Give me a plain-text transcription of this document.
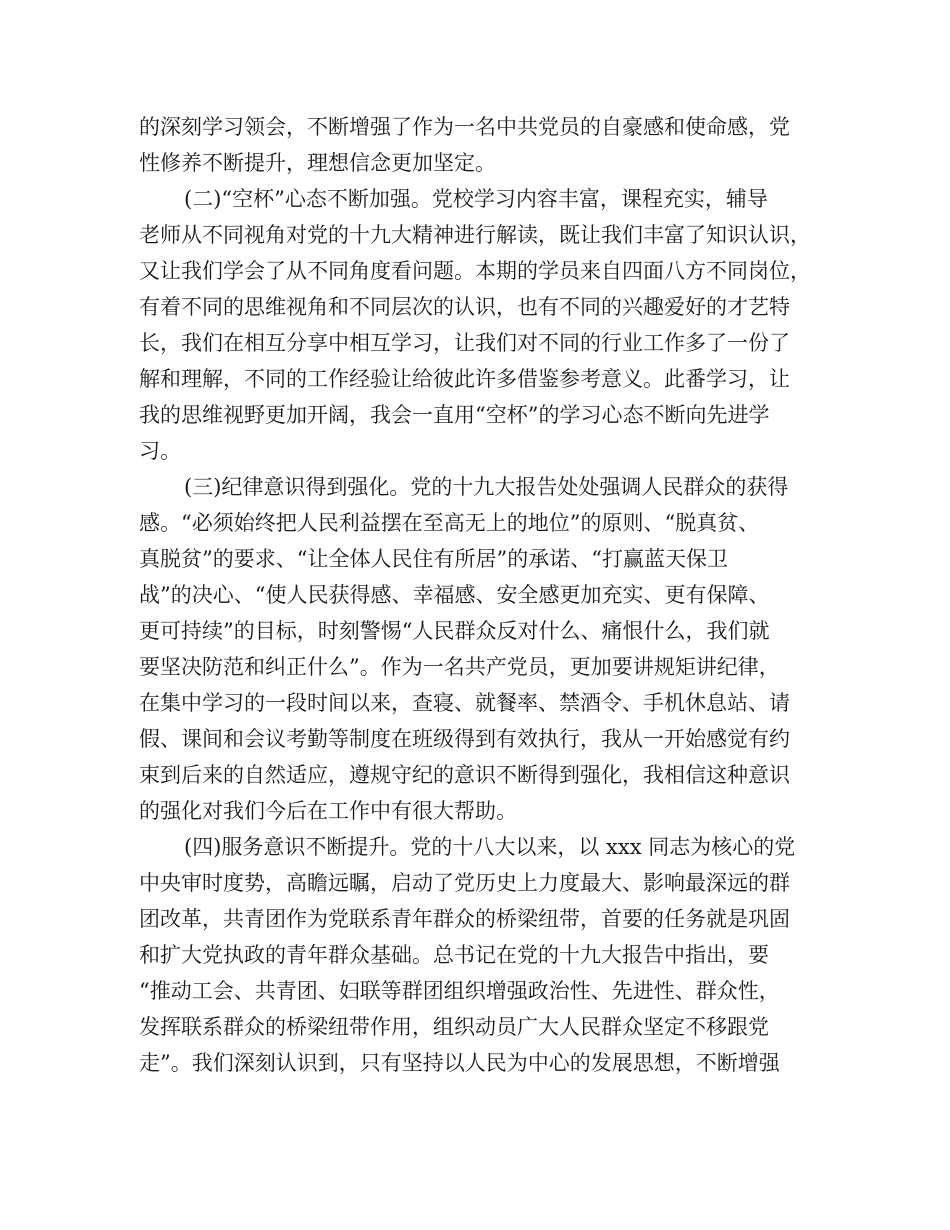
的深刻学习领会，不断增强了作为一名中共党员的自豪感和使命感，党
性修养不断提升，理想信念更加坚定。
(二)“空杯”心态不断加强。党校学习内容丰富，课程充实，辅导
老师从不同视角对党的十九大精神进行解读，既让我们丰富了知识认识，
又让我们学会了从不同角度看问题。本期的学员来自四面八方不同岗位，
有着不同的思维视角和不同层次的认识，也有不同的兴趣爱好的才艺特
长，我们在相互分享中相互学习，让我们对不同的行业工作多了一份了
解和理解，不同的工作经验让给彼此许多借鉴参考意义。此番学习，让
我的思维视野更加开阔，我会一直用“空杯”的学习心态不断向先进学
习。
(三)纪律意识得到强化。党的十九大报告处处强调人民群众的获得
感。“必须始终把人民利益摆在至高无上的地位”的原则、“脱真贫、
真脱贫”的要求、“让全体人民住有所居”的承诺、“打赢蓝天保卫
战”的决心、“使人民获得感、幸福感、安全感更加充实、更有保障、
更可持续”的目标，时刻警惕“人民群众反对什么、痛恨什么，我们就
要坚决防范和纠正什么”。作为一名共产党员，更加要讲规矩讲纪律，
在集中学习的一段时间以来，查寝、就餐率、禁酒令、手机休息站、请
假、课间和会议考勤等制度在班级得到有效执行，我从一开始感觉有约
束到后来的自然适应，遵规守纪的意识不断得到强化，我相信这种意识
的强化对我们今后在工作中有很大帮助。
(四)服务意识不断提升。党的十八大以来，以 xxx 同志为核心的党
中央审时度势，高瞻远瞩，启动了党历史上力度最大、影响最深远的群
团改革，共青团作为党联系青年群众的桥梁纽带，首要的任务就是巩固
和扩大党执政的青年群众基础。总书记在党的十九大报告中指出，要
“推动工会、共青团、妇联等群团组织增强政治性、先进性、群众性，
发挥联系群众的桥梁纽带作用，组织动员广大人民群众坚定不移跟党
走”。我们深刻认识到，只有坚持以人民为中心的发展思想，不断增强
